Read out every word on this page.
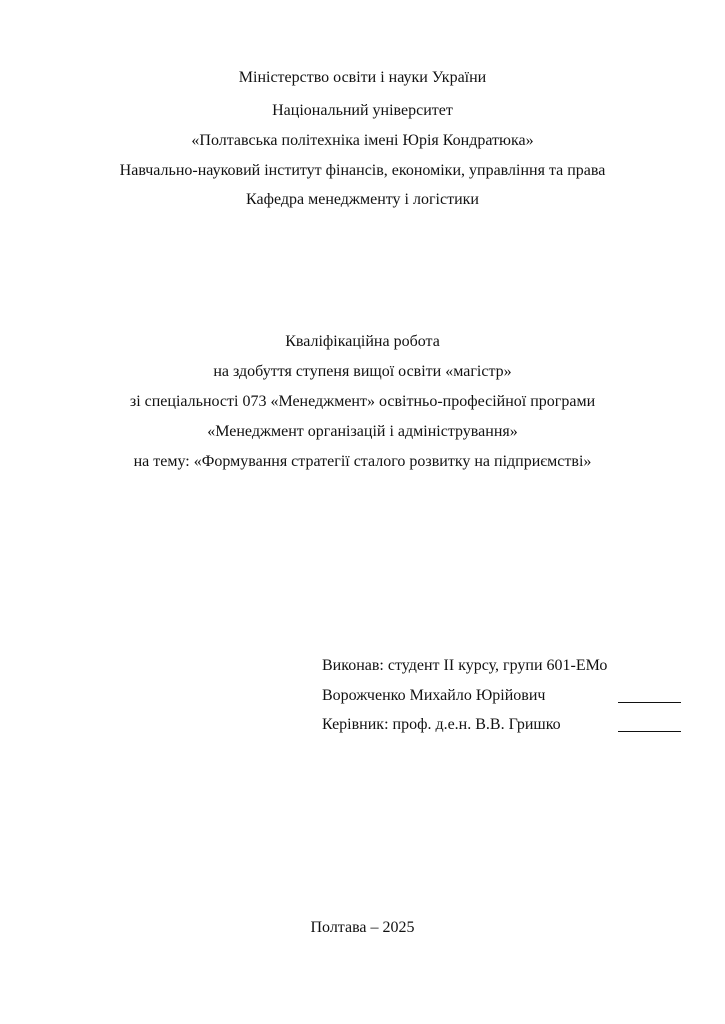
Міністерство освіти і науки України
Національний університет
«Полтавська політехніка імені Юрія Кондратюка»
Навчально-науковий інститут фінансів, економіки, управління та права
Кафедра менеджменту і логістики
Кваліфікаційна робота
на здобуття ступеня вищої освіти «магістр»
зі спеціальності 073 «Менеджмент» освітньо-професійної програми
«Менеджмент організацій і адміністрування»
на тему: «Формування стратегії сталого розвитку на підприємстві»
Виконав: студент ІІ курсу, групи 601-ЕМо
Ворожченко Михайло Юрійович
Керівник: проф. д.е.н. В.В. Гришко
Полтава – 2025
